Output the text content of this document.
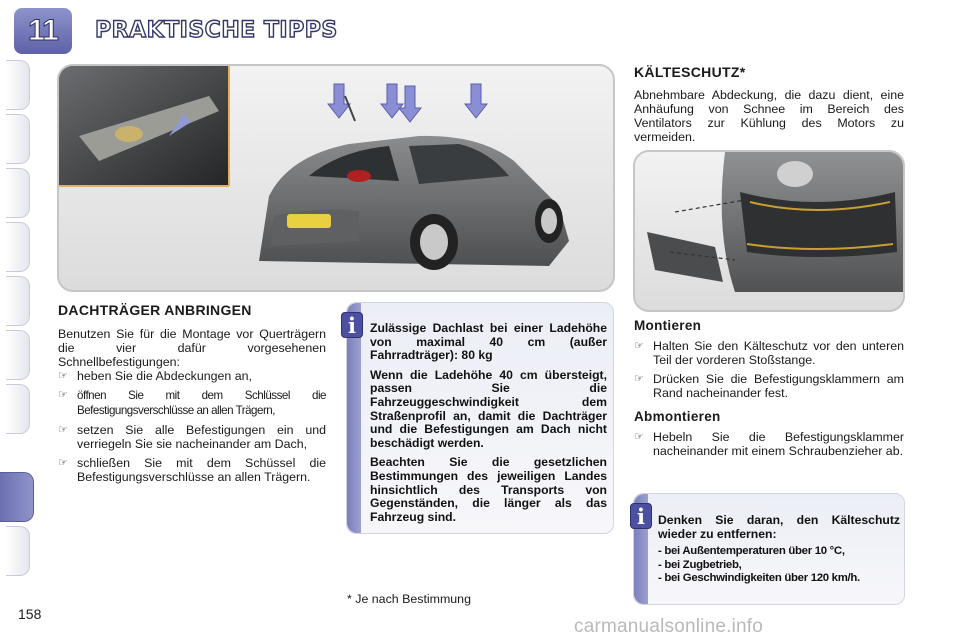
11	PRAKTISCHE TIPPS
DACHTRÄGER ANBRINGEN
Benutzen Sie für die Montage vor Querträgern die vier dafür vorgesehenen Schnellbefestigungen:
☞ heben Sie die Abdeckungen an,
☞ öffnen Sie mit dem Schlüssel die Befestigungsverschlüsse an allen Trägern,
☞ setzen Sie alle Befestigungen ein und verriegeln Sie sie nacheinander am Dach,
☞ schließen Sie mit dem Schüssel die Befestigungsverschlüsse an allen Trägern.
i	Zulässige Dachlast bei einer Ladehöhe von maximal 40 cm (außer Fahrradträger): 80 kg

Wenn die Ladehöhe 40 cm übersteigt, passen Sie die Fahrzeuggeschwindigkeit dem Straßenprofil an, damit die Dachträger und die Befestigungen am Dach nicht beschädigt werden.

Beachten Sie die gesetzlichen Bestimmungen des jeweiligen Landes hinsichtlich des Transports von Gegenständen, die länger als das Fahrzeug sind.

KÄLTESCHUTZ*
Abnehmbare Abdeckung, die dazu dient, eine Anhäufung von Schnee im Bereich des Ventilators zur Kühlung des Motors zu vermeiden.
Montieren
☞ Halten Sie den Kälteschutz vor den unteren Teil der vorderen Stoßstange.
☞ Drücken Sie die Befestigungsklammern am Rand nacheinander fest.
Abmontieren
☞ Hebeln Sie die Befestigungsklammer nacheinander mit einem Schraubenzieher ab.
i	Denken Sie daran, den Kälteschutz wieder zu entfernen:

- bei Außentemperaturen über 10 °C,
- bei Zugbetrieb,
- bei Geschwindigkeiten über 120 km/h.
* Je nach Bestimmung
158
carmanualsonline.info
